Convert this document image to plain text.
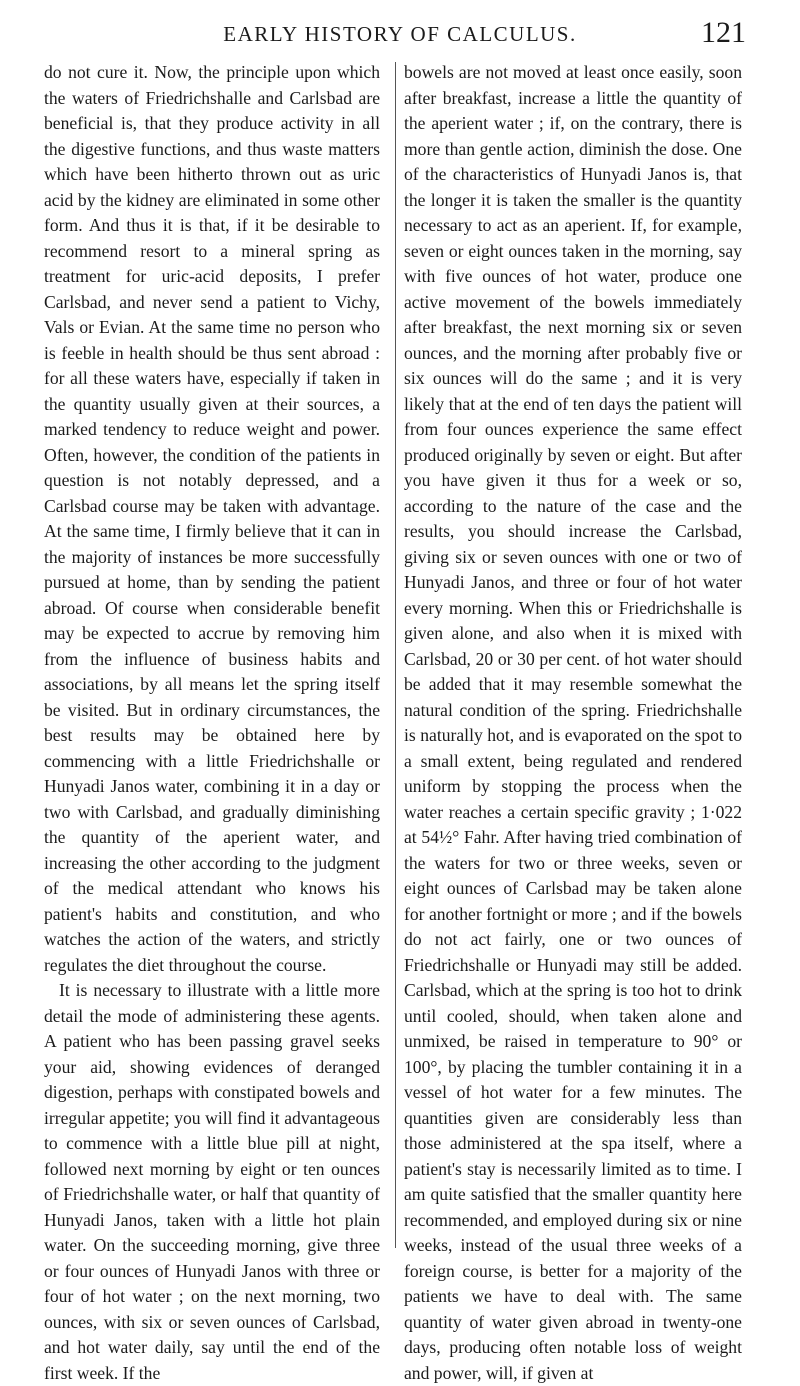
EARLY HISTORY OF CALCULUS.	121

do not cure it. Now, the principle upon which the waters of Friedrichshalle and Carlsbad are beneficial is, that they produce activity in all the digestive functions, and thus waste matters which have been hitherto thrown out as uric acid by the kidney are eliminated in some other form. And thus it is that, if it be desirable to recommend resort to a mineral spring as treatment for uric-acid deposits, I prefer Carlsbad, and never send a patient to Vichy, Vals or Evian. At the same time no person who is feeble in health should be thus sent abroad : for all these waters have, especially if taken in the quantity usually given at their sources, a marked tendency to reduce weight and power. Often, however, the condition of the patients in question is not notably depressed, and a Carlsbad course may be taken with advantage. At the same time, I firmly believe that it can in the majority of instances be more successfully pursued at home, than by sending the patient abroad. Of course when considerable benefit may be expected to accrue by removing him from the influence of business habits and associations, by all means let the spring itself be visited. But in ordinary circumstances, the best results may be obtained here by commencing with a little Friedrichshalle or Hunyadi Janos water, combining it in a day or two with Carlsbad, and gradually diminishing the quantity of the aperient water, and increasing the other according to the judgment of the medical attendant who knows his patient's habits and constitution, and who watches the action of the waters, and strictly regulates the diet throughout the course.

It is necessary to illustrate with a little more detail the mode of administering these agents. A patient who has been passing gravel seeks your aid, showing evidences of deranged digestion, perhaps with constipated bowels and irregular appetite; you will find it advantageous to commence with a little blue pill at night, followed next morning by eight or ten ounces of Friedrichshalle water, or half that quantity of Hunyadi Janos, taken with a little hot plain water. On the succeeding morning, give three or four ounces of Hunyadi Janos with three or four of hot water ; on the next morning, two ounces, with six or seven ounces of Carlsbad, and hot water daily, say until the end of the first week. If the

bowels are not moved at least once easily, soon after breakfast, increase a little the quantity of the aperient water ; if, on the contrary, there is more than gentle action, diminish the dose. One of the characteristics of Hunyadi Janos is, that the longer it is taken the smaller is the quantity necessary to act as an aperient. If, for example, seven or eight ounces taken in the morning, say with five ounces of hot water, produce one active movement of the bowels immediately after breakfast, the next morning six or seven ounces, and the morning after probably five or six ounces will do the same ; and it is very likely that at the end of ten days the patient will from four ounces experience the same effect produced originally by seven or eight. But after you have given it thus for a week or so, according to the nature of the case and the results, you should increase the Carlsbad, giving six or seven ounces with one or two of Hunyadi Janos, and three or four of hot water every morning. When this or Friedrichshalle is given alone, and also when it is mixed with Carlsbad, 20 or 30 per cent. of hot water should be added that it may resemble somewhat the natural condition of the spring. Friedrichshalle is naturally hot, and is evaporated on the spot to a small extent, being regulated and rendered uniform by stopping the process when the water reaches a certain specific gravity ; 1·022 at 54½° Fahr. After having tried combination of the waters for two or three weeks, seven or eight ounces of Carlsbad may be taken alone for another fortnight or more ; and if the bowels do not act fairly, one or two ounces of Friedrichshalle or Hunyadi may still be added. Carlsbad, which at the spring is too hot to drink until cooled, should, when taken alone and unmixed, be raised in temperature to 90° or 100°, by placing the tumbler containing it in a vessel of hot water for a few minutes. The quantities given are considerably less than those administered at the spa itself, where a patient's stay is necessarily limited as to time. I am quite satisfied that the smaller quantity here recommended, and employed during six or nine weeks, instead of the usual three weeks of a foreign course, is better for a majority of the patients we have to deal with. The same quantity of water given abroad in twenty-one days, producing often notable loss of weight and power, will, if given at
